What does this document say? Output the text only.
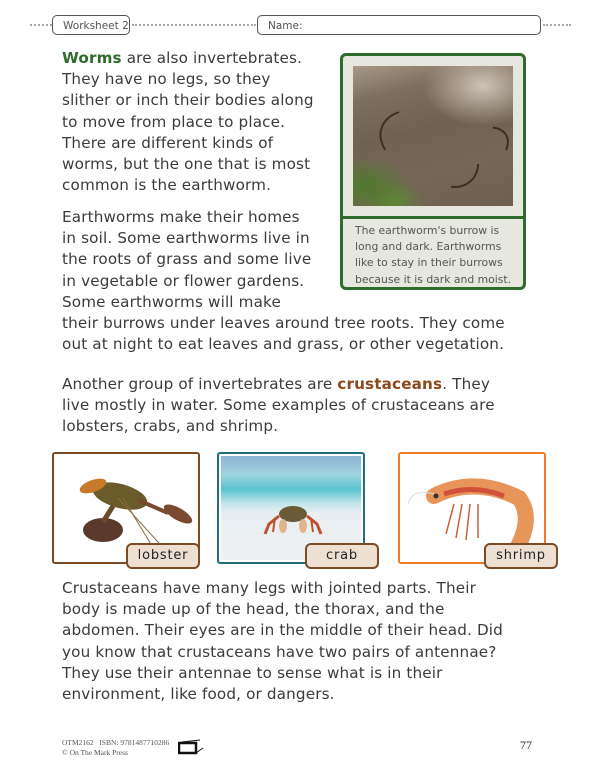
Worksheet 2	Name:

Worms are also invertebrates.
They have no legs, so they
slither or inch their bodies along
to move from place to place.
There are different kinds of
worms, but the one that is most
common is the earthworm.

The earthworm's burrow is
long and dark. Earthworms
like to stay in their burrows
because it is dark and moist.

Earthworms make their homes
in soil. Some earthworms live in
the roots of grass and some live
in vegetable or flower gardens.
Some earthworms will make
their burrows under leaves around tree roots. They come
out at night to eat leaves and grass, or other vegetation.

Another group of invertebrates are crustaceans. They
live mostly in water. Some examples of crustaceans are
lobsters, crabs, and shrimp.

lobster	crab	shrimp

Crustaceans have many legs with jointed parts. Their
body is made up of the head, the thorax, and the
abdomen. Their eyes are in the middle of their head. Did
you know that crustaceans have two pairs of antennae?
They use their antennae to sense what is in their
environment, like food, or dangers.

OTM2162 ISBN: 9781487710286
© On The Mark Press
77
